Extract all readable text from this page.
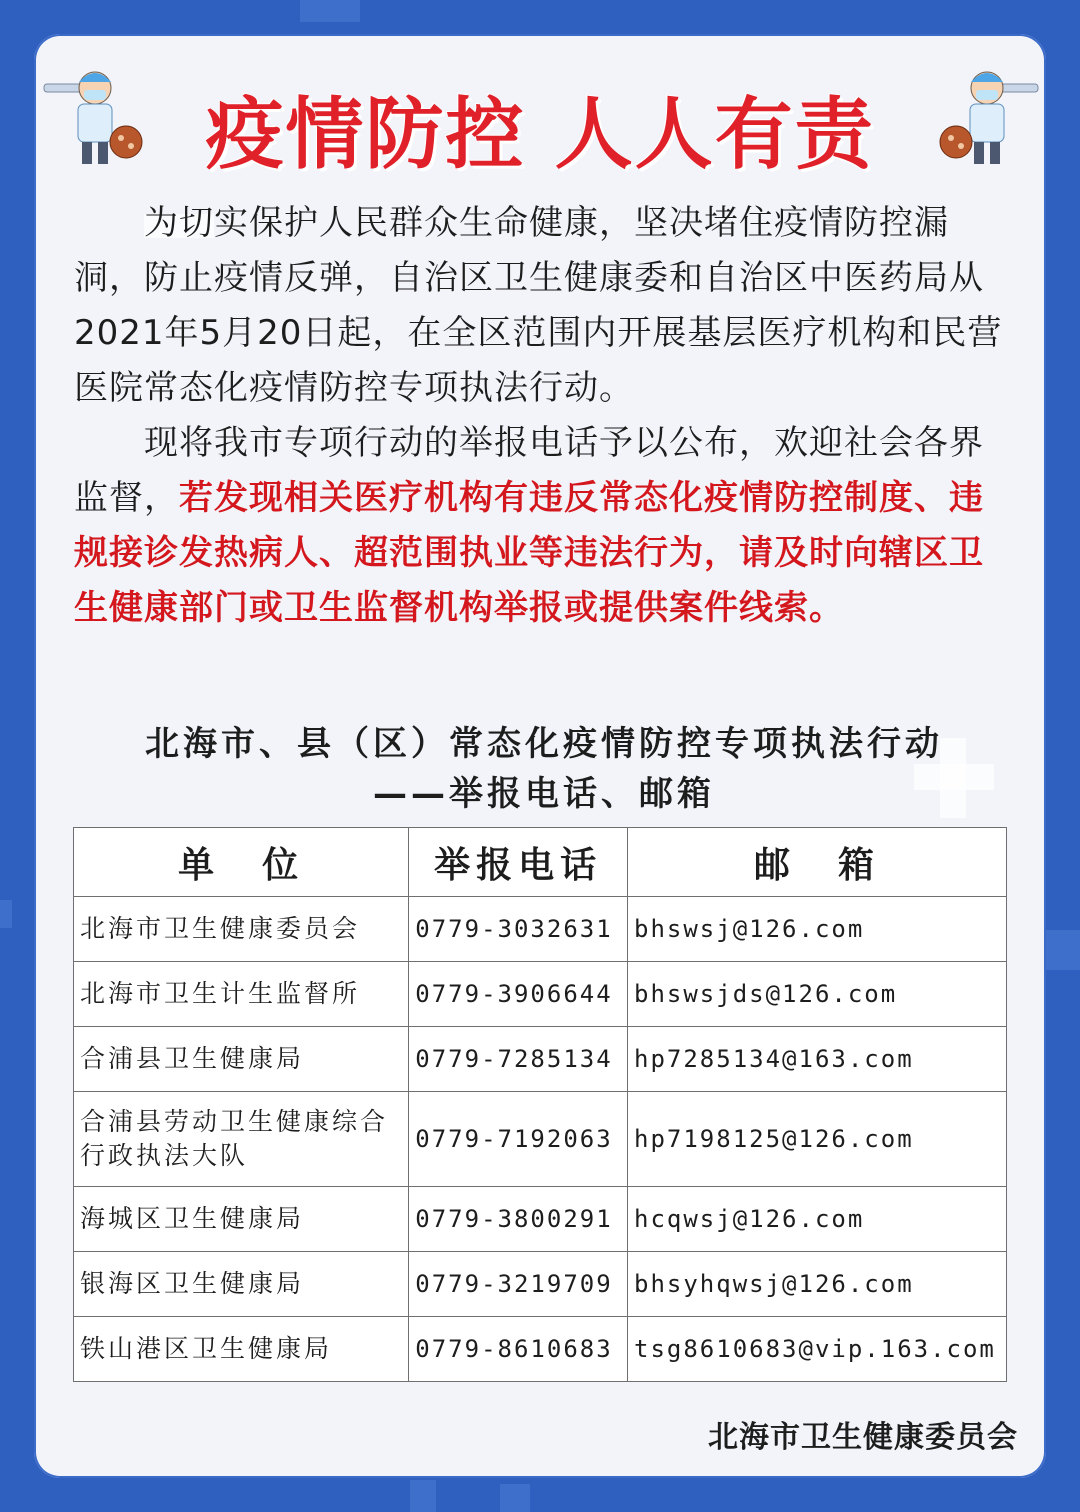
疫情防控 人人有责

为切实保护人民群众生命健康，坚决堵住疫情防控漏洞，防止疫情反弹，自治区卫生健康委和自治区中医药局从2021年5月20日起，在全区范围内开展基层医疗机构和民营医院常态化疫情防控专项执法行动。

现将我市专项行动的举报电话予以公布，欢迎社会各界监督，若发现相关医疗机构有违反常态化疫情防控制度、违规接诊发热病人、超范围执业等违法行为，请及时向辖区卫生健康部门或卫生监督机构举报或提供案件线索。

北海市、县（区）常态化疫情防控专项执法行动
——举报电话、邮箱
单　位	举报电话	邮　箱
北海市卫生健康委员会	0779-3032631	bhswsj@126.com
北海市卫生计生监督所	0779-3906644	bhswsjds@126.com
合浦县卫生健康局	0779-7285134	hp7285134@163.com
合浦县劳动卫生健康综合行政执法大队	0779-7192063	hp7198125@126.com
海城区卫生健康局	0779-3800291	hcqwsj@126.com
银海区卫生健康局	0779-3219709	bhsyhqwsj@126.com
铁山港区卫生健康局	0779-8610683	tsg8610683@vip.163.com
北海市卫生健康委员会
